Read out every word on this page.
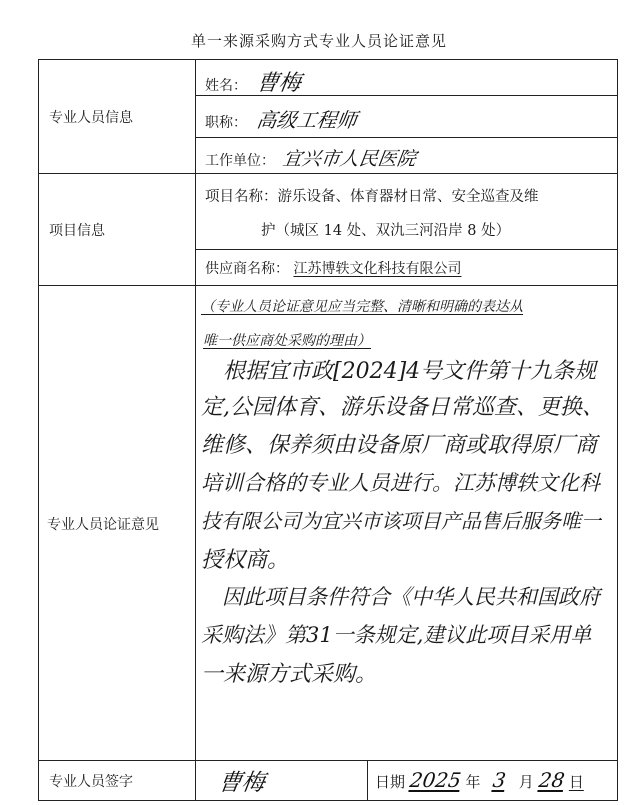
单一来源采购方式专业人员论证意见
专业人员信息
项目信息
专业人员论证意见
专业人员签字
姓名： 曹梅
职称： 高级工程师
工作单位： 宜兴市人民医院
项目名称：游乐设备、体育器材日常、安全巡查及维
护（城区 14 处、双氿三河沿岸 8 处）
供应商名称： 江苏博轶文化科技有限公司
（专业人员论证意见应当完整、清晰和明确的表达从
唯一供应商处采购的理由）
　根据宜市政[2024]4号文件第十九条规
定,公园体育、游乐设备日常巡查、更换、
维修、保养须由设备原厂商或取得原厂商
培训合格的专业人员进行。江苏博轶文化科
技有限公司为宜兴市该项目产品售后服务唯一
授权商。
　因此项目条件符合《中华人民共和国政府
采购法》第31一条规定,建议此项目采用单
一来源方式采购。
曹梅	日期 2025 年 3 月 28 日
